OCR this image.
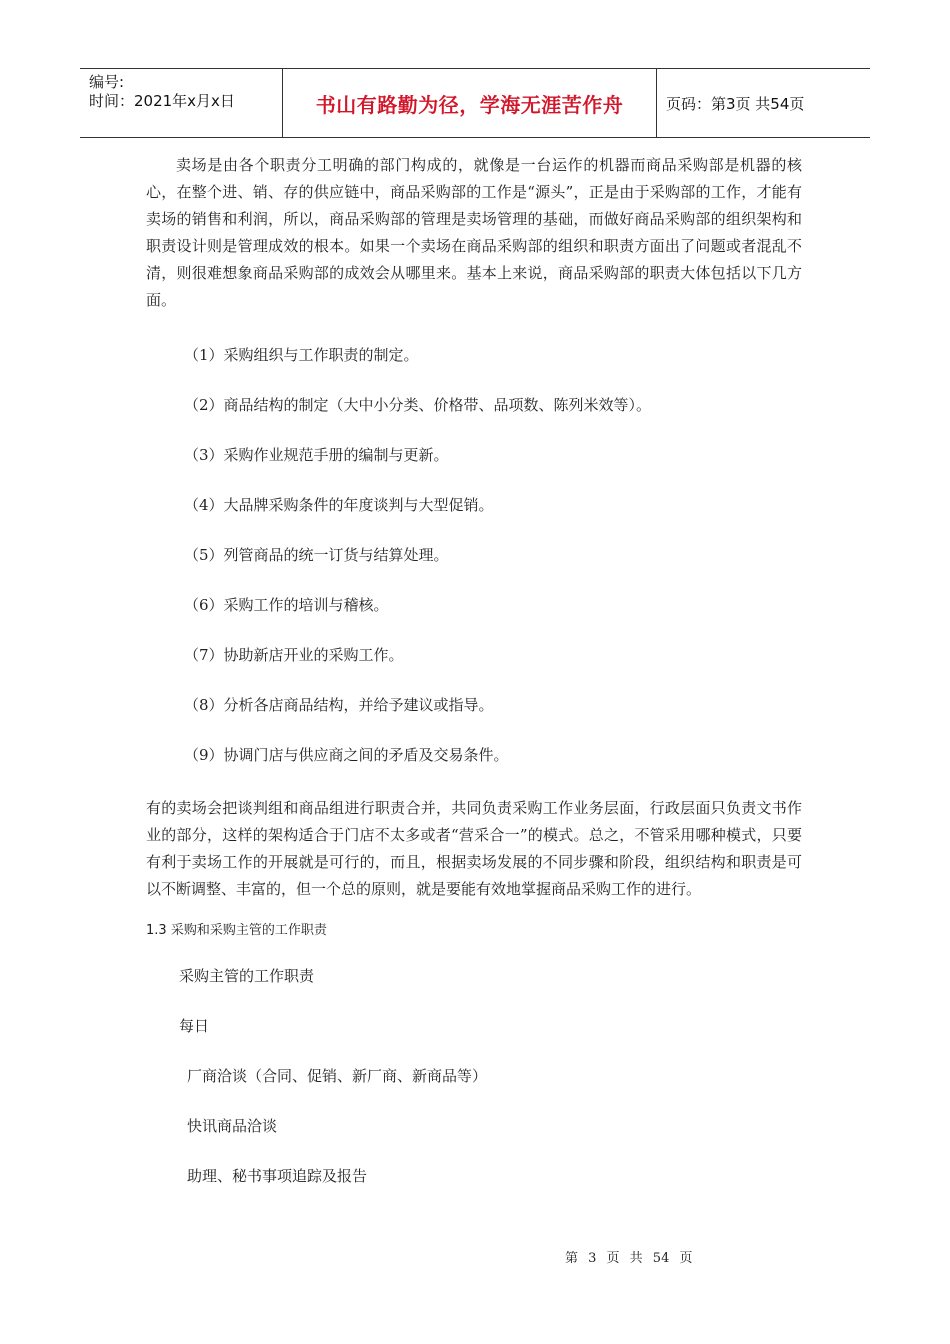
编号:
时间：2021年x月x日	书山有路勤为径，学海无涯苦作舟	页码：第3页 共54页

卖场是由各个职责分工明确的部门构成的，就像是一台运作的机器而商品采购部是机器的核心，在整个进、销、存的供应链中，商品采购部的工作是“源头”，正是由于采购部的工作，才能有卖场的销售和利润，所以，商品采购部的管理是卖场管理的基础，而做好商品采购部的组织架构和职责设计则是管理成效的根本。如果一个卖场在商品采购部的组织和职责方面出了问题或者混乱不清，则很难想象商品采购部的成效会从哪里来。基本上来说，商品采购部的职责大体包括以下几方面。

（1）采购组织与工作职责的制定。
（2）商品结构的制定（大中小分类、价格带、品项数、陈列米效等）。
（3）采购作业规范手册的编制与更新。
（4）大品牌采购条件的年度谈判与大型促销。
（5）列管商品的统一订货与结算处理。
（6）采购工作的培训与稽核。
（7）协助新店开业的采购工作。
（8）分析各店商品结构，并给予建议或指导。
（9）协调门店与供应商之间的矛盾及交易条件。

有的卖场会把谈判组和商品组进行职责合并，共同负责采购工作业务层面，行政层面只负责文书作业的部分，这样的架构适合于门店不太多或者“营采合一”的模式。总之，不管采用哪种模式，只要有利于卖场工作的开展就是可行的，而且，根据卖场发展的不同步骤和阶段，组织结构和职责是可以不断调整、丰富的，但一个总的原则，就是要能有效地掌握商品采购工作的进行。

1.3 采购和采购主管的工作职责

采购主管的工作职责
每日
厂商洽谈（合同、促销、新厂商、新商品等）
快讯商品洽谈
助理、秘书事项追踪及报告
第 3 页 共 54 页
